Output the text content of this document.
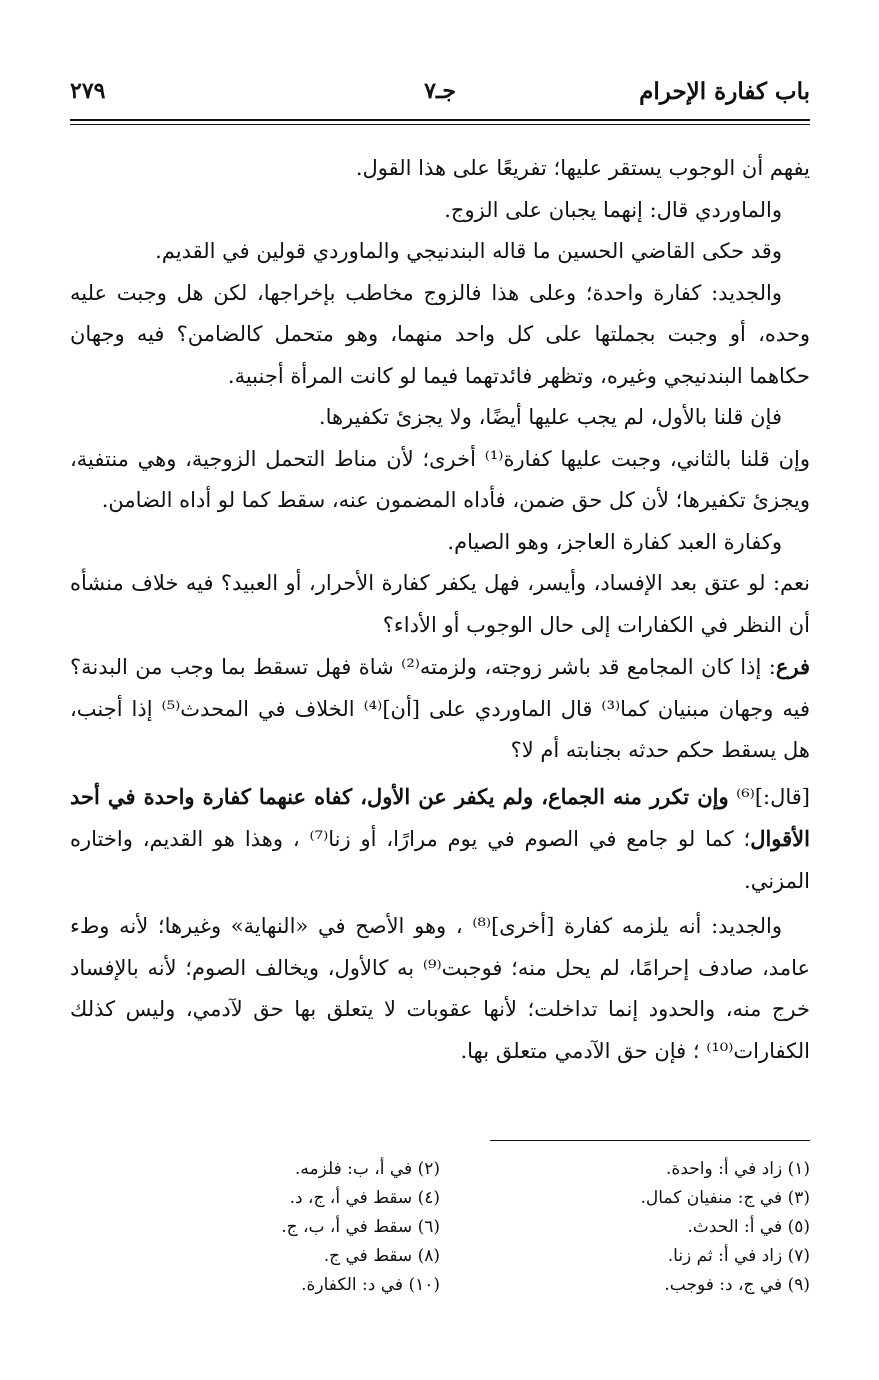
باب كفارة الإحرام
جـ٧
٢٧٩

يفهم أن الوجوب يستقر عليها؛ تفريعًا على هذا القول.

والماوردي قال: إنهما يجبان على الزوج.

وقد حكى القاضي الحسين ما قاله البندنيجي والماوردي قولين في القديم.

والجديد: كفارة واحدة؛ وعلى هذا فالزوج مخاطب بإخراجها، لكن هل وجبت عليه وحده، أو وجبت بجملتها على كل واحد منهما، وهو متحمل كالضامن؟ فيه وجهان حكاهما البندنيجي وغيره، وتظهر فائدتهما فيما لو كانت المرأة أجنبية.

فإن قلنا بالأول، لم يجب عليها أيضًا، ولا يجزئ تكفيرها.

وإن قلنا بالثاني، وجبت عليها كفارة⁽¹⁾ أخرى؛ لأن مناط التحمل الزوجية، وهي منتفية، ويجزئ تكفيرها؛ لأن كل حق ضمن، فأداه المضمون عنه، سقط كما لو أداه الضامن.

وكفارة العبد كفارة العاجز، وهو الصيام.

نعم: لو عتق بعد الإفساد، وأيسر، فهل يكفر كفارة الأحرار، أو العبيد؟ فيه خلاف منشأه أن النظر في الكفارات إلى حال الوجوب أو الأداء؟

فرع: إذا كان المجامع قد باشر زوجته، ولزمته⁽²⁾ شاة فهل تسقط بما وجب من البدنة؟ فيه وجهان مبنيان كما⁽³⁾ قال الماوردي على [أن]⁽⁴⁾ الخلاف في المحدث⁽⁵⁾ إذا أجنب، هل يسقط حكم حدثه بجنابته أم لا؟

[قال:]⁽⁶⁾ وإن تكرر منه الجماع، ولم يكفر عن الأول، كفاه عنهما كفارة واحدة في أحد الأقوال؛ كما لو جامع في الصوم في يوم مرارًا، أو زنا⁽⁷⁾ ، وهذا هو القديم، واختاره المزني.

والجديد: أنه يلزمه كفارة [أخرى]⁽⁸⁾ ، وهو الأصح في «النهاية» وغيرها؛ لأنه وطء عامد، صادف إحرامًا، لم يحل منه؛ فوجبت⁽⁹⁾ به كالأول، ويخالف الصوم؛ لأنه بالإفساد خرج منه، والحدود إنما تداخلت؛ لأنها عقوبات لا يتعلق بها حق لآدمي، وليس كذلك الكفارات⁽¹⁰⁾ ؛ فإن حق الآدمي متعلق بها.

(١) زاد في أ: واحدة.
(٢) في أ، ب: فلزمه.
(٣) في ج: منفيان كمال.
(٤) سقط في أ، ج، د.
(٥) في أ: الحدث.
(٦) سقط في أ، ب، ج.
(٧) زاد في أ: ثم زنا.
(٨) سقط في ج.
(٩) في ج، د: فوجب.
(١٠) في د: الكفارة.
